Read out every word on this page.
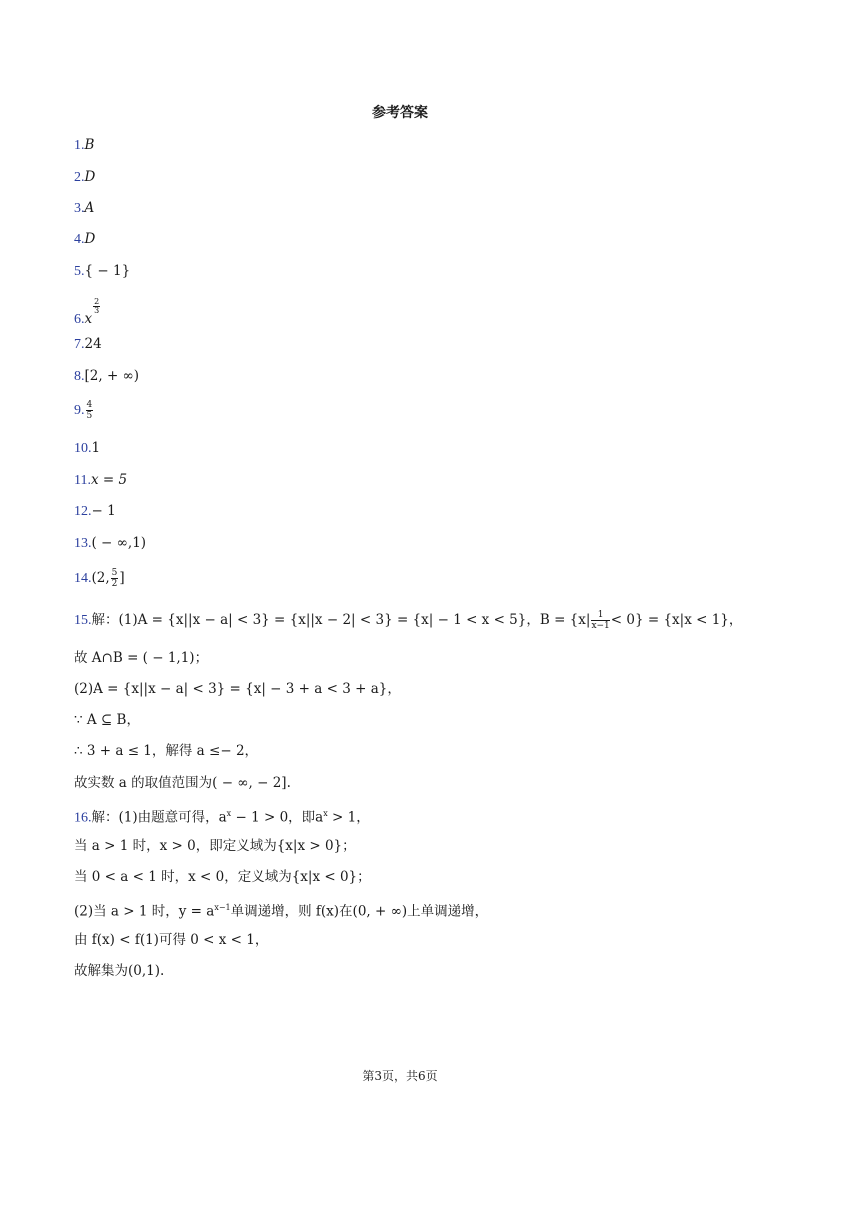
参考答案
1.B
2.D
3.A
4.D
5.{ − 1}
6.x
$\frac{2}{3}$
7.24
8.[2, + ∞)
9. $\frac{4}{5}$
10.1
11.x = 5
12.− 1
13.( − ∞,1)
14.(2, $\frac{5}{2}$ ]
15.解：(1)A = {x||x − a| < 3} = {x||x − 2| < 3} = {x| − 1 < x < 5}，$B = \{x| \frac{1}{x-1} < 0\} = \{x|x < 1\}$，
故 A∩B = ( − 1,1)；
(2)A = {x||x − a| < 3} = {x| − 3 + a < 3 + a}，
∵ A ⊆ B，
∴ 3 + a ≤ 1，解得 a ≤− 2，
故实数 a 的取值范围为( − ∞, − 2].
16.解：(1)由题意可得，$a^x - 1 > 0$，即$a^x > 1$，
当 a > 1 时，x > 0，即定义域为{x|x > 0}；
当 0 < a < 1 时，x < 0，定义域为{x|x < 0}；
(2)当 a > 1 时，$y = a^{x-1}$单调递增，则 f(x)在(0, + ∞)上单调递增，
由 f(x) < f(1)可得 0 < x < 1，
故解集为(0,1).
第3页，共6页
